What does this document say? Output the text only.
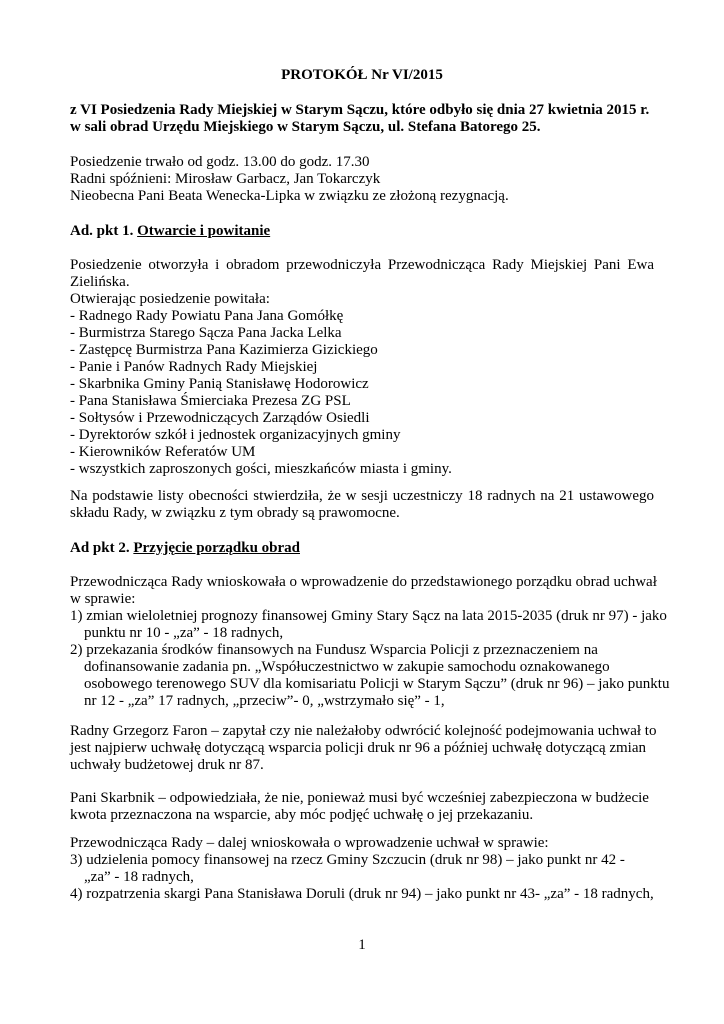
PROTOKÓŁ Nr VI/2015
z VI Posiedzenia Rady Miejskiej w Starym Sączu, które odbyło się dnia 27 kwietnia 2015 r.
w sali obrad Urzędu Miejskiego w Starym Sączu, ul. Stefana Batorego 25.
Posiedzenie trwało od godz. 13.00 do godz. 17.30
Radni spóźnieni: Mirosław Garbacz, Jan Tokarczyk
Nieobecna Pani Beata Wenecka-Lipka w związku ze złożoną rezygnacją.
Ad. pkt 1. Otwarcie i powitanie
Posiedzenie otworzyła i obradom przewodniczyła Przewodnicząca Rady Miejskiej Pani Ewa
Zielińska.
Otwierając posiedzenie powitała:
- Radnego Rady Powiatu Pana Jana Gomółkę
- Burmistrza Starego Sącza Pana Jacka Lelka
- Zastępcę Burmistrza Pana Kazimierza Gizickiego
- Panie i Panów Radnych Rady Miejskiej
- Skarbnika Gminy Panią Stanisławę Hodorowicz
- Pana Stanisława Śmierciaka Prezesa ZG PSL
- Sołtysów i Przewodniczących Zarządów Osiedli
- Dyrektorów szkół i jednostek organizacyjnych gminy
- Kierowników Referatów UM
- wszystkich zaproszonych gości, mieszkańców miasta i gminy.
Na podstawie listy obecności stwierdziła, że w sesji uczestniczy 18 radnych na 21 ustawowego
składu Rady, w związku z tym obrady są prawomocne.
Ad pkt 2. Przyjęcie porządku obrad
Przewodnicząca Rady wnioskowała o wprowadzenie do przedstawionego porządku obrad uchwał
w sprawie:
1) zmian wieloletniej prognozy finansowej Gminy Stary Sącz na lata 2015-2035 (druk nr 97) - jako
punktu nr 10 - „za” - 18 radnych,
2) przekazania środków finansowych na Fundusz Wsparcia Policji z przeznaczeniem na
dofinansowanie zadania pn. „Współuczestnictwo w zakupie samochodu oznakowanego
osobowego terenowego SUV dla komisariatu Policji w Starym Sączu” (druk nr 96) – jako punktu
nr 12 - „za” 17 radnych, „przeciw”- 0, „wstrzymało się” - 1,
Radny Grzegorz Faron – zapytał czy nie należałoby odwrócić kolejność podejmowania uchwał to
jest najpierw uchwałę dotyczącą wsparcia policji druk nr 96 a później uchwałę dotyczącą zmian
uchwały budżetowej druk nr 87.
Pani Skarbnik – odpowiedziała, że nie, ponieważ musi być wcześniej zabezpieczona w budżecie
kwota przeznaczona na wsparcie, aby móc podjęć uchwałę o jej przekazaniu.
Przewodnicząca Rady – dalej wnioskowała o wprowadzenie uchwał w sprawie:
3) udzielenia pomocy finansowej na rzecz Gminy Szczucin (druk nr 98) – jako punkt nr 42 -
„za” - 18 radnych,
4) rozpatrzenia skargi Pana Stanisława Doruli (druk nr 94) – jako punkt nr 43- „za” - 18 radnych,
1
